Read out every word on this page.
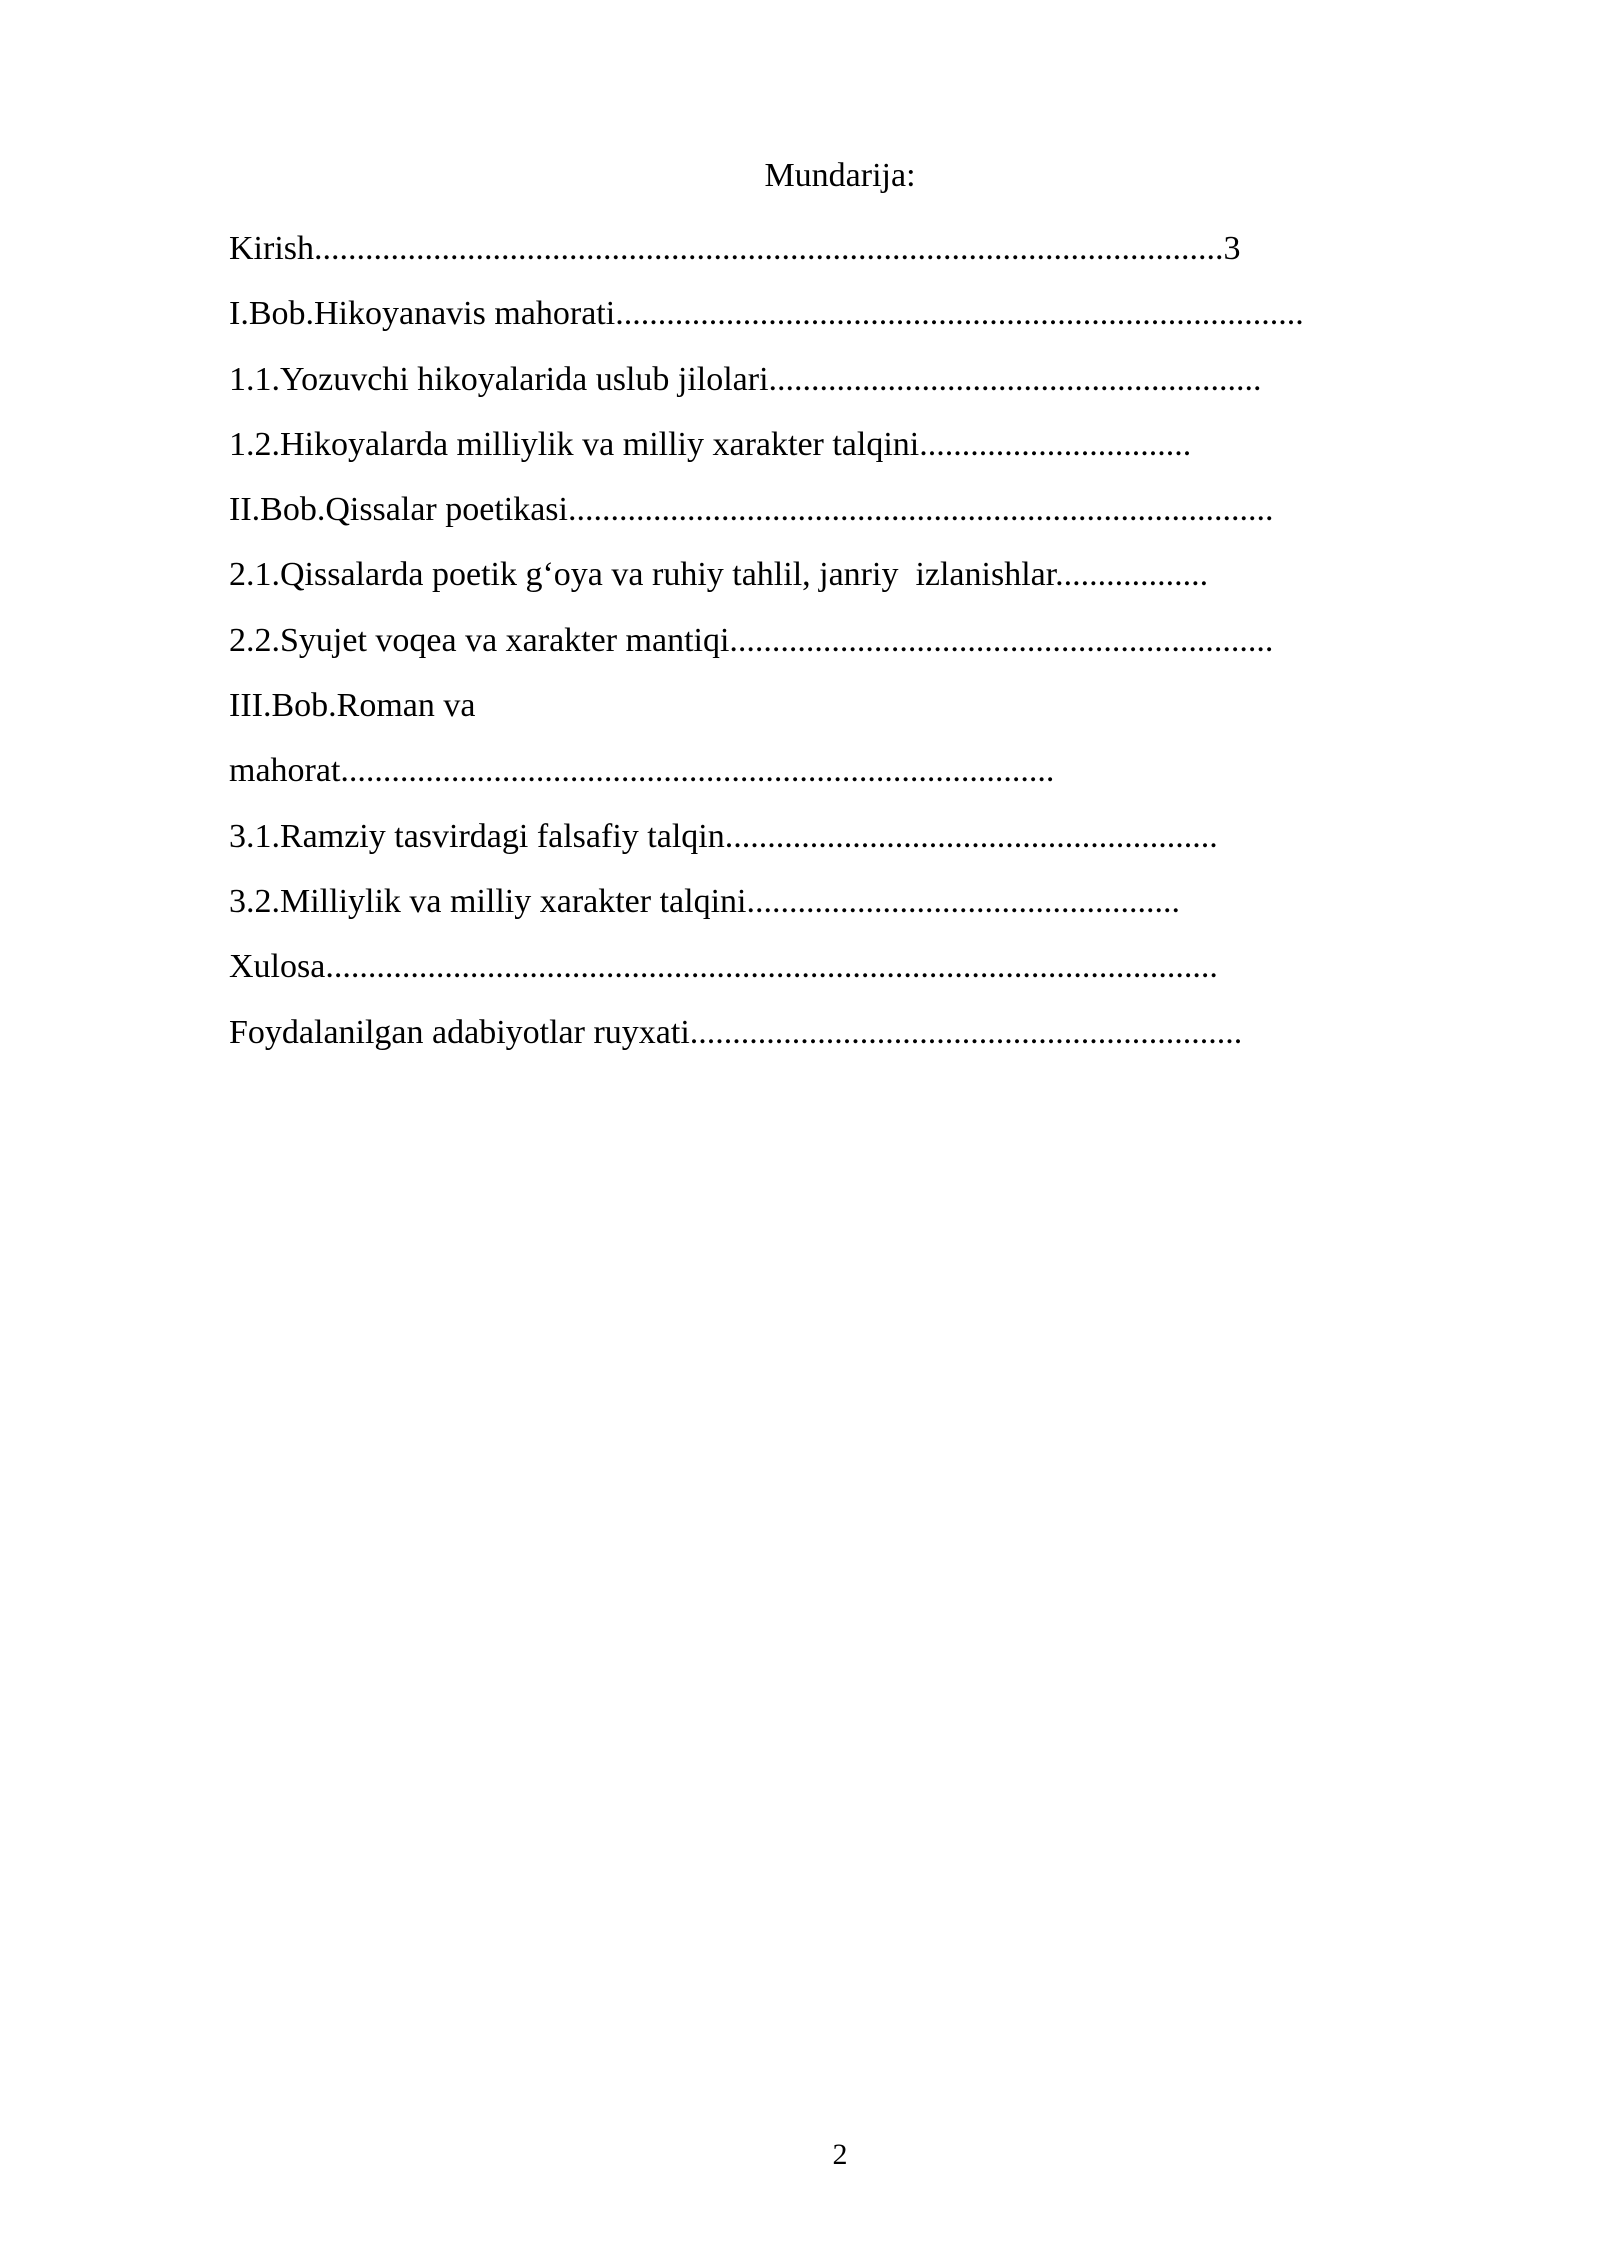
Mundarija:
Kirish...........................................................................................................3
I.Bob.Hikoyanavis mahorati.................................................................................
1.1.Yozuvchi hikoyalarida uslub jilolari..........................................................
1.2.Hikoyalarda milliylik va milliy xarakter talqini................................
II.Bob.Qissalar poetikasi...................................................................................
2.1.Qissalarda poetik g‘oya va ruhiy tahlil, janriy  izlanishlar..................
2.2.Syujet voqea va xarakter mantiqi................................................................
III.Bob.Roman va
mahorat....................................................................................
3.1.Ramziy tasvirdagi falsafiy talqin..........................................................
3.2.Milliylik va milliy xarakter talqini...................................................
Xulosa.........................................................................................................
Foydalanilgan adabiyotlar ruyxati.................................................................
2
